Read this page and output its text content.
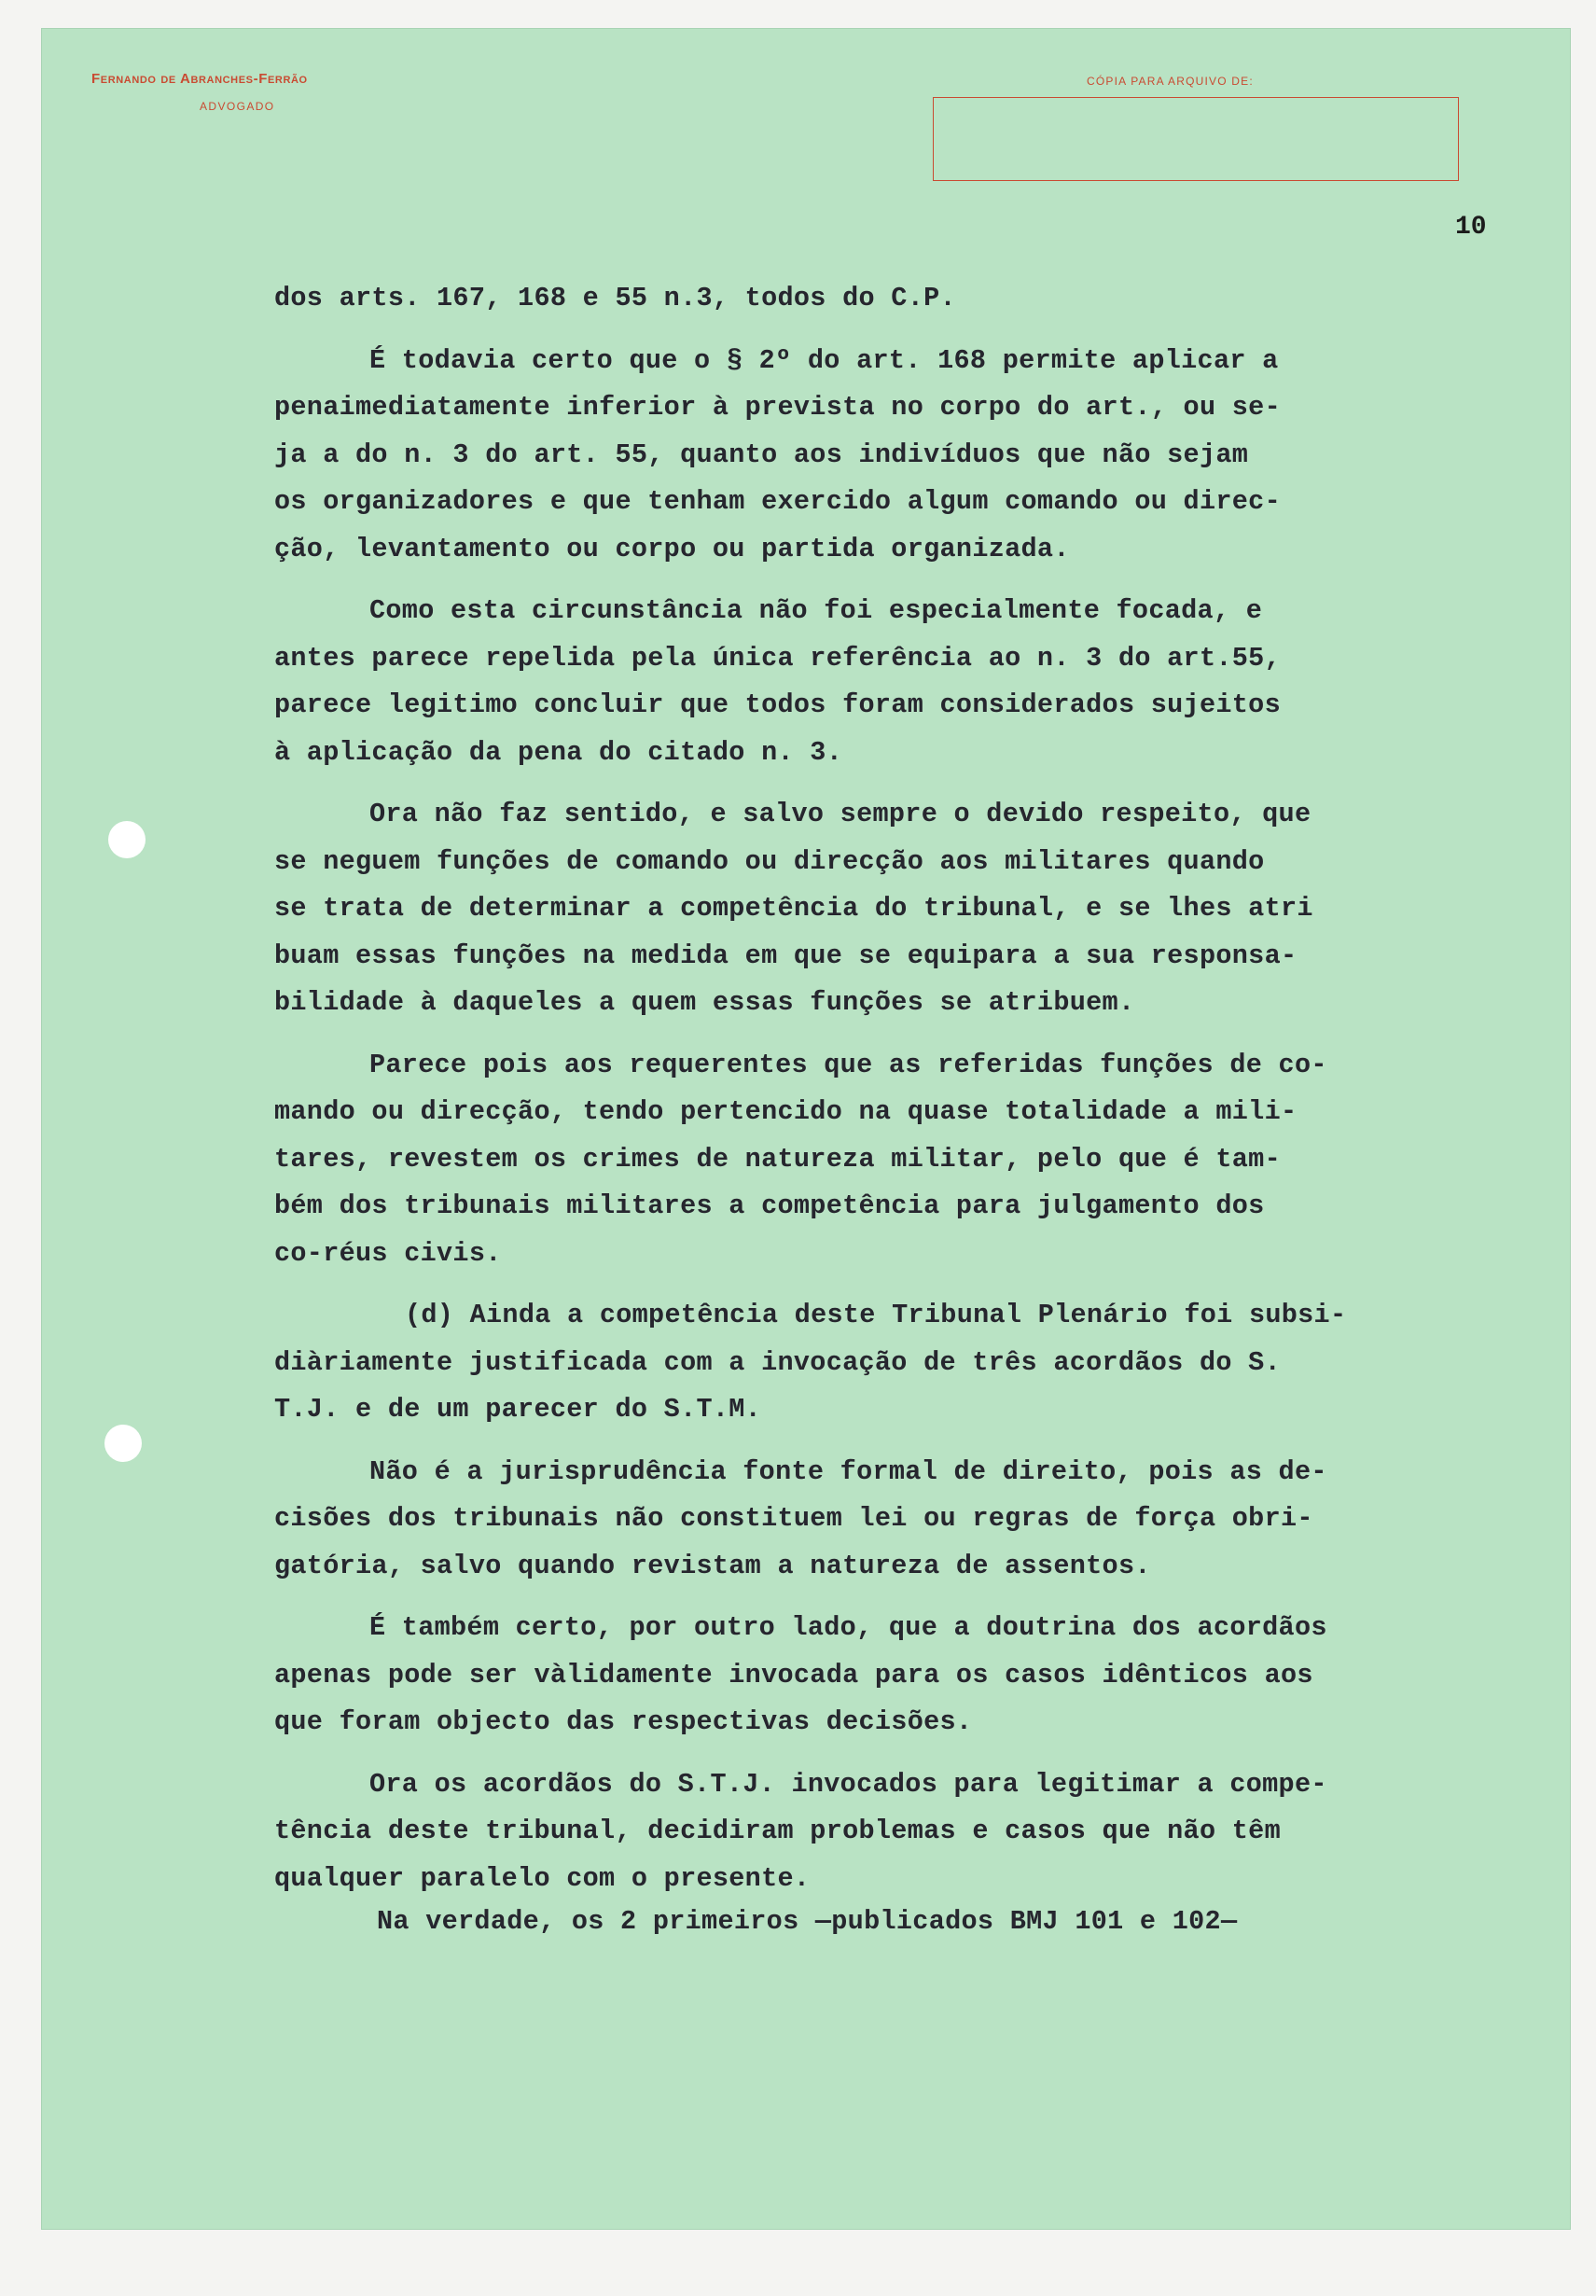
Fernando de Abranches-Ferrão
ADVOGADO
CÓPIA PARA ARQUIVO DE:
10

dos arts. 167, 168 e 55 n.3, todos do C.P.

É todavia certo que o § 2º do art. 168 permite aplicar a
penaimediatamente inferior à prevista no corpo do art., ou se-
ja a do n. 3 do art. 55, quanto aos indivíduos que não sejam
os organizadores e que tenham exercido algum comando ou direc-
ção, levantamento ou corpo ou partida organizada.

Como esta circunstância não foi especialmente focada, e
antes parece repelida pela única referência ao n. 3 do art.55,
parece legitimo concluir que todos foram considerados sujeitos
à aplicação da pena do citado n. 3.

Ora não faz sentido, e salvo sempre o devido respeito, que
se neguem funções de comando ou direcção aos militares quando
se trata de determinar a competência do tribunal, e se lhes atri
buam essas funções na medida em que se equipara a sua responsa-
bilidade à daqueles a quem essas funções se atribuem.

Parece pois aos requerentes que as referidas funções de co-
mando ou direcção, tendo pertencido na quase totalidade a mili-
tares, revestem os crimes de natureza militar, pelo que é tam-
bém dos tribunais militares a competência para julgamento dos
co-réus civis.

(d) Ainda a competência deste Tribunal Plenário foi subsi-
diàriamente justificada com a invocação de três acordãos do S.
T.J. e de um parecer do S.T.M.

Não é a jurisprudência fonte formal de direito, pois as de-
cisões dos tribunais não constituem lei ou regras de força obri-
gatória, salvo quando revistam a natureza de assentos.

É também certo, por outro lado, que a doutrina dos acordãos
apenas pode ser vàlidamente invocada para os casos idênticos aos
que foram objecto das respectivas decisões.

Ora os acordãos do S.T.J. invocados para legitimar a compe-
tência deste tribunal, decidiram problemas e casos que não têm
qualquer paralelo com o presente.

Na verdade, os 2 primeiros —publicados BMJ 101 e 102—
